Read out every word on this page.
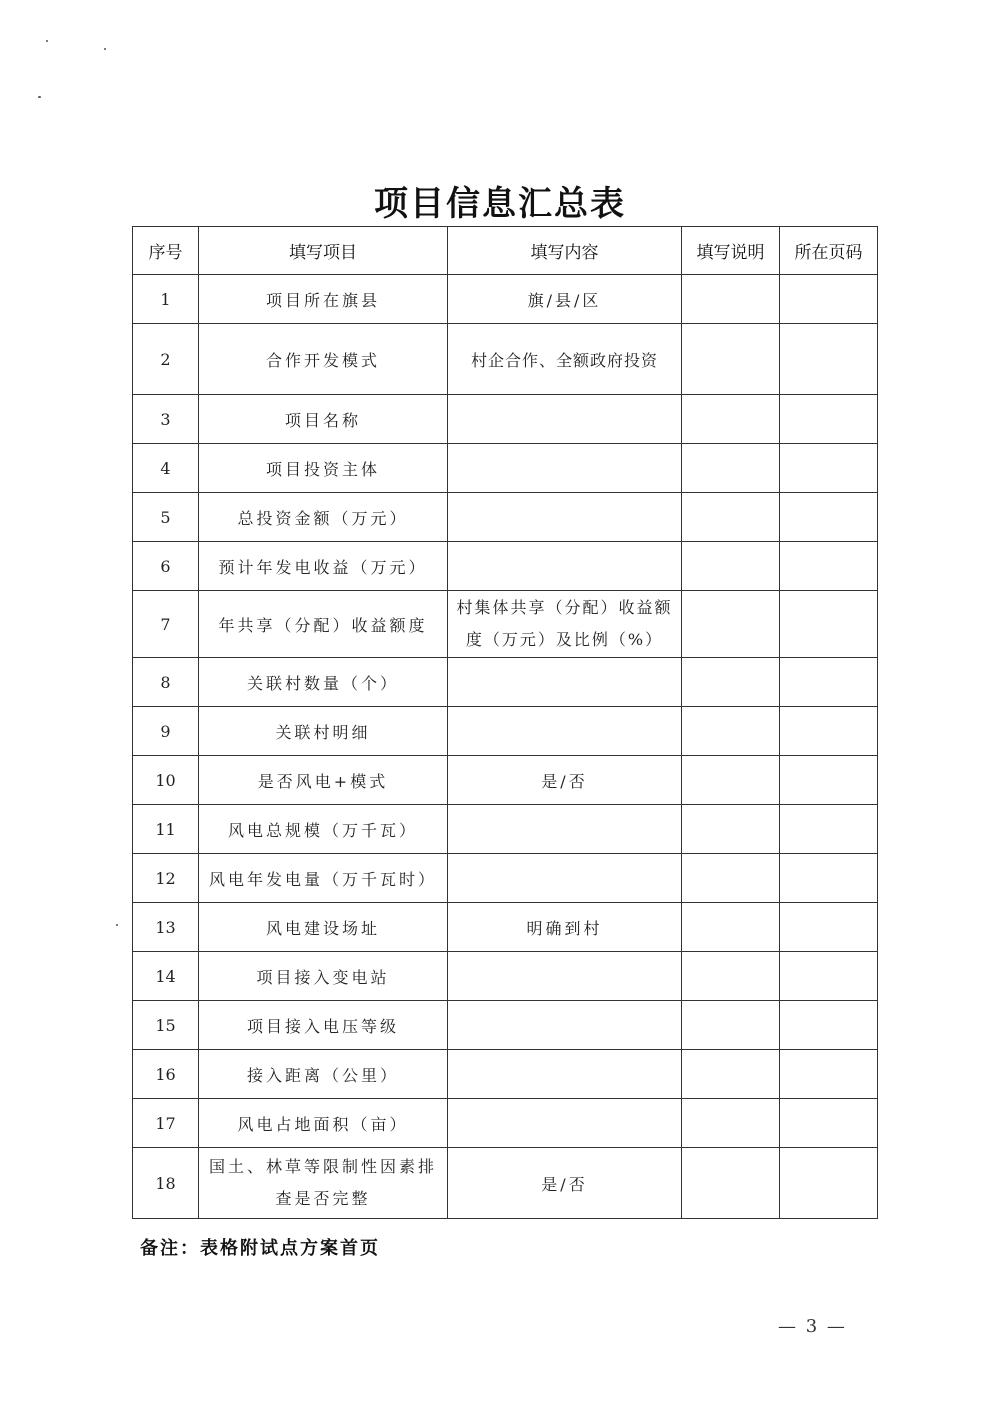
项目信息汇总表
序号	填写项目	填写内容	填写说明	所在页码
1	项目所在旗县	旗/县/区		
2	合作开发模式	村企合作、全额政府投资		
3	项目名称			
4	项目投资主体			
5	总投资金额（万元）			
6	预计年发电收益（万元）			
7	年共享（分配）收益额度	村集体共享（分配）收益额度（万元）及比例（%）		
8	关联村数量（个）			
9	关联村明细			
10	是否风电+模式	是/否		
11	风电总规模（万千瓦）			
12	风电年发电量（万千瓦时）			
13	风电建设场址	明确到村		
14	项目接入变电站			
15	项目接入电压等级			
16	接入距离（公里）			
17	风电占地面积（亩）			
18	国土、林草等限制性因素排查是否完整	是/否		
备注：表格附试点方案首页
— 3 —
